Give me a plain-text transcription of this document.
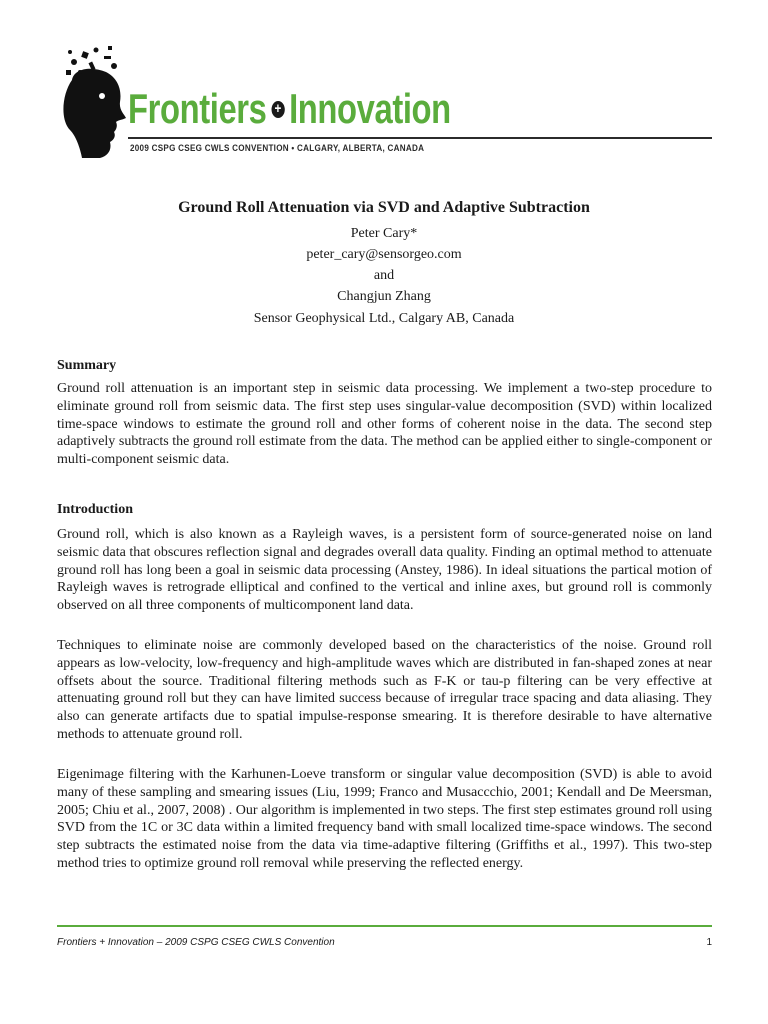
Frontiers + Innovation
2009 CSPG CSEG CWLS CONVENTION • CALGARY, ALBERTA, CANADA
Ground Roll Attenuation via SVD and Adaptive Subtraction
Peter Cary*
peter_cary@sensorgeo.com
and
Changjun Zhang
Sensor Geophysical Ltd., Calgary AB, Canada
Summary

Ground roll attenuation is an important step in seismic data processing. We implement a two-step procedure to eliminate ground roll from seismic data. The first step uses singular-value decomposition (SVD) within localized time-space windows to estimate the ground roll and other forms of coherent noise in the data. The second step adaptively subtracts the ground roll estimate from the data. The method can be applied either to single-component or multi-component seismic data.

Introduction

Ground roll, which is also known as a Rayleigh waves, is a persistent form of source-generated noise on land seismic data that obscures reflection signal and degrades overall data quality. Finding an optimal method to attenuate ground roll has long been a goal in seismic data processing (Anstey, 1986). In ideal situations the partical motion of Rayleigh waves is retrograde elliptical and confined to the vertical and inline axes, but ground roll is commonly observed on all three components of multicomponent land data.

Techniques to eliminate noise are commonly developed based on the characteristics of the noise. Ground roll appears as low-velocity, low-frequency and high-amplitude waves which are distributed in fan-shaped zones at near offsets about the source. Traditional filtering methods such as F-K or tau-p filtering can be very effective at attenuating ground roll but they can have limited success because of irregular trace spacing and data aliasing. They also can generate artifacts due to spatial impulse-response smearing. It is therefore desirable to have alternative methods to attenuate ground roll.

Eigenimage filtering with the Karhunen-Loeve transform or singular value decomposition (SVD) is able to avoid many of these sampling and smearing issues (Liu, 1999; Franco and Musaccchio, 2001; Kendall and De Meersman, 2005; Chiu et al., 2007, 2008) . Our algorithm is implemented in two steps. The first step estimates ground roll using SVD from the 1C or 3C data within a limited frequency band with small localized time-space windows. The second step subtracts the estimated noise from the data via time-adaptive filtering (Griffiths et al., 1997). This two-step method tries to optimize ground roll removal while preserving the reflected energy.

Frontiers + Innovation – 2009 CSPG CSEG CWLS Convention	1
